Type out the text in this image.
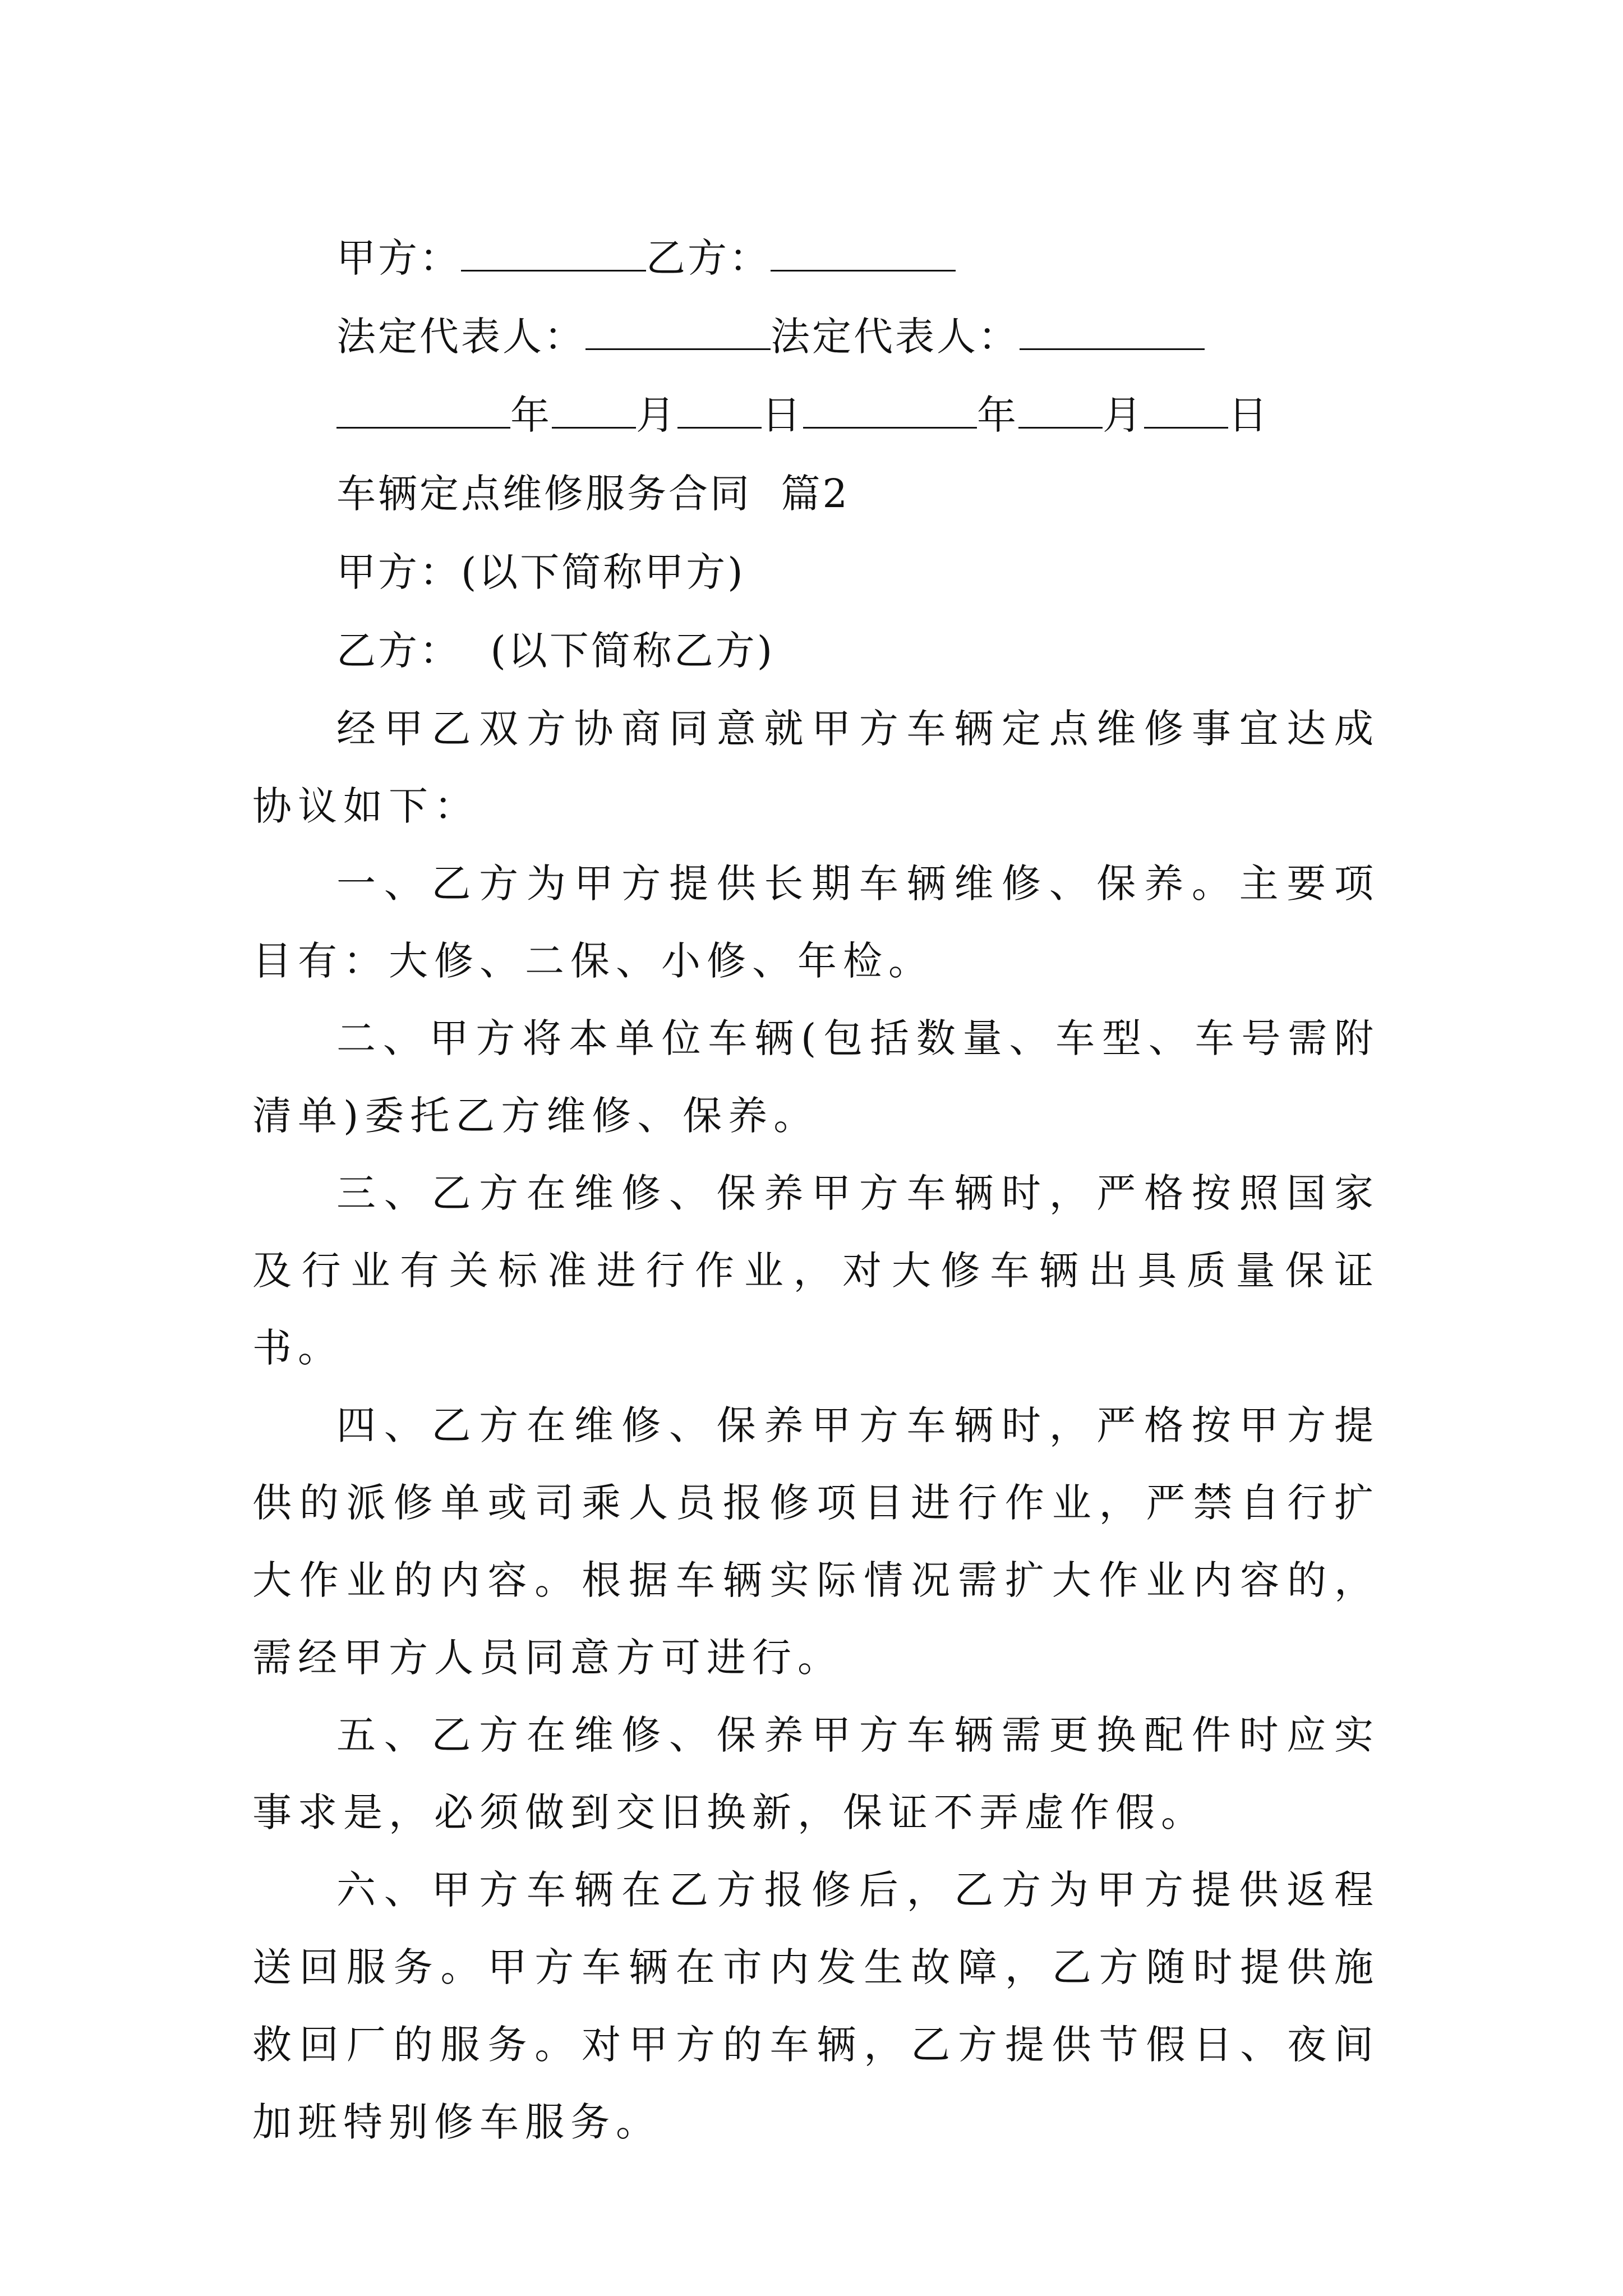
甲方：	乙方：
法定代表人：	法定代表人：
年 月 日	年 月 日
车辆定点维修服务合同  篇2
甲方：(以下简称甲方)
乙方：  (以下简称乙方)

经甲乙双方协商同意就甲方车辆定点维修事宜达成协议如下：

一、乙方为甲方提供长期车辆维修、保养。主要项目有：大修、二保、小修、年检。

二、甲方将本单位车辆(包括数量、车型、车号需附清单)委托乙方维修、保养。

三、乙方在维修、保养甲方车辆时，严格按照国家及行业有关标准进行作业，对大修车辆出具质量保证书。

四、乙方在维修、保养甲方车辆时，严格按甲方提供的派修单或司乘人员报修项目进行作业，严禁自行扩大作业的内容。根据车辆实际情况需扩大作业内容的，需经甲方人员同意方可进行。

五、乙方在维修、保养甲方车辆需更换配件时应实事求是，必须做到交旧换新，保证不弄虚作假。

六、甲方车辆在乙方报修后，乙方为甲方提供返程送回服务。甲方车辆在市内发生故障，乙方随时提供施救回厂的服务。对甲方的车辆，乙方提供节假日、夜间加班特别修车服务。
